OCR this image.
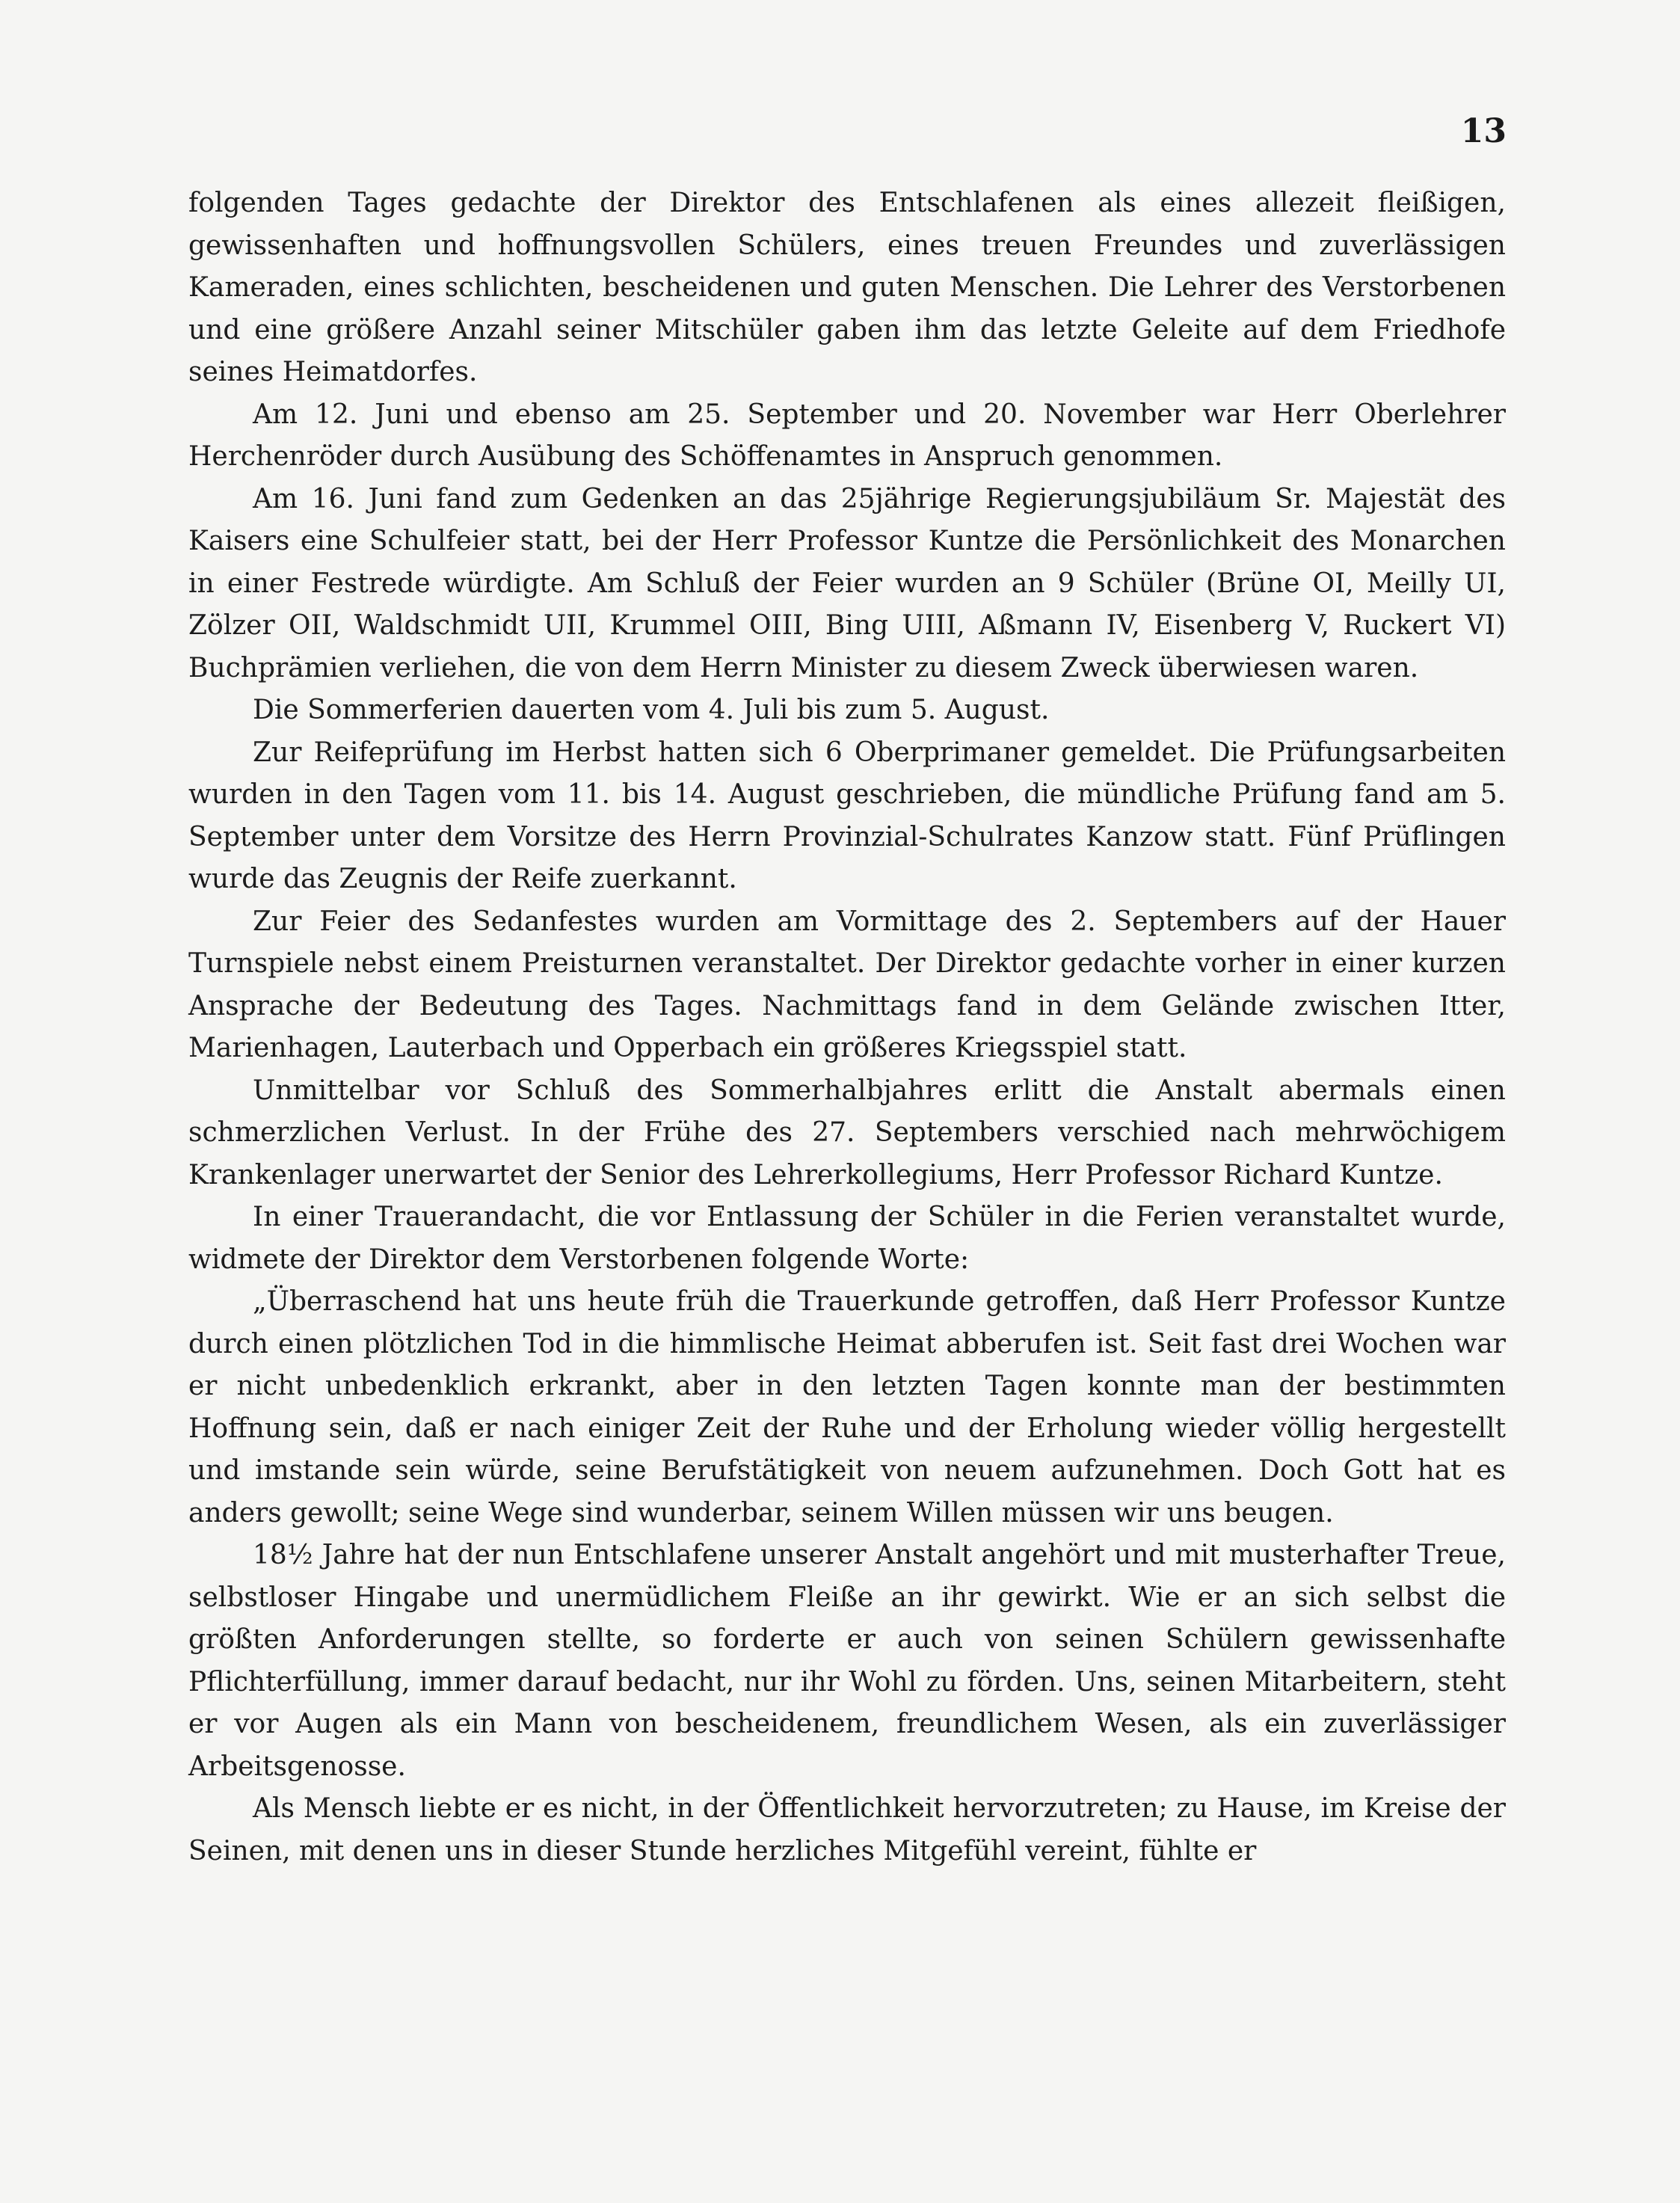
13

folgenden Tages gedachte der Direktor des Entschlafenen als eines allezeit fleißigen, gewissenhaften und hoffnungsvollen Schülers, eines treuen Freundes und zuverlässigen Kameraden, eines schlichten, bescheidenen und guten Menschen. Die Lehrer des Verstorbenen und eine größere Anzahl seiner Mitschüler gaben ihm das letzte Geleite auf dem Friedhofe seines Heimatdorfes.

Am 12. Juni und ebenso am 25. September und 20. November war Herr Oberlehrer Herchenröder durch Ausübung des Schöffenamtes in Anspruch genommen.

Am 16. Juni fand zum Gedenken an das 25jährige Regierungsjubiläum Sr. Majestät des Kaisers eine Schulfeier statt, bei der Herr Professor Kuntze die Persönlichkeit des Monarchen in einer Festrede würdigte. Am Schluß der Feier wurden an 9 Schüler (Brüne OI, Meilly UI, Zölzer OII, Waldschmidt UII, Krummel OIII, Bing UIII, Aßmann IV, Eisenberg V, Ruckert VI) Buchprämien verliehen, die von dem Herrn Minister zu diesem Zweck überwiesen waren.

Die Sommerferien dauerten vom 4. Juli bis zum 5. August.

Zur Reifeprüfung im Herbst hatten sich 6 Oberprimaner gemeldet. Die Prüfungsarbeiten wurden in den Tagen vom 11. bis 14. August geschrieben, die mündliche Prüfung fand am 5. September unter dem Vorsitze des Herrn Provinzial-Schulrates Kanzow statt. Fünf Prüflingen wurde das Zeugnis der Reife zuerkannt.

Zur Feier des Sedanfestes wurden am Vormittage des 2. Septembers auf der Hauer Turnspiele nebst einem Preisturnen veranstaltet. Der Direktor gedachte vorher in einer kurzen Ansprache der Bedeutung des Tages. Nachmittags fand in dem Gelände zwischen Itter, Marienhagen, Lauterbach und Opperbach ein größeres Kriegsspiel statt.

Unmittelbar vor Schluß des Sommerhalbjahres erlitt die Anstalt abermals einen schmerzlichen Verlust. In der Frühe des 27. Septembers verschied nach mehrwöchigem Krankenlager unerwartet der Senior des Lehrerkollegiums, Herr Professor Richard Kuntze.

In einer Trauerandacht, die vor Entlassung der Schüler in die Ferien veranstaltet wurde, widmete der Direktor dem Verstorbenen folgende Worte:

„Überraschend hat uns heute früh die Trauerkunde getroffen, daß Herr Professor Kuntze durch einen plötzlichen Tod in die himmlische Heimat abberufen ist. Seit fast drei Wochen war er nicht unbedenklich erkrankt, aber in den letzten Tagen konnte man der bestimmten Hoffnung sein, daß er nach einiger Zeit der Ruhe und der Erholung wieder völlig hergestellt und imstande sein würde, seine Berufstätigkeit von neuem aufzunehmen. Doch Gott hat es anders gewollt; seine Wege sind wunderbar, seinem Willen müssen wir uns beugen.

18½ Jahre hat der nun Entschlafene unserer Anstalt angehört und mit musterhafter Treue, selbstloser Hingabe und unermüdlichem Fleiße an ihr gewirkt. Wie er an sich selbst die größten Anforderungen stellte, so forderte er auch von seinen Schülern gewissenhafte Pflichterfüllung, immer darauf bedacht, nur ihr Wohl zu förden. Uns, seinen Mitarbeitern, steht er vor Augen als ein Mann von bescheidenem, freundlichem Wesen, als ein zuverlässiger Arbeitsgenosse.

Als Mensch liebte er es nicht, in der Öffentlichkeit hervorzutreten; zu Hause, im Kreise der Seinen, mit denen uns in dieser Stunde herzliches Mitgefühl vereint, fühlte er
